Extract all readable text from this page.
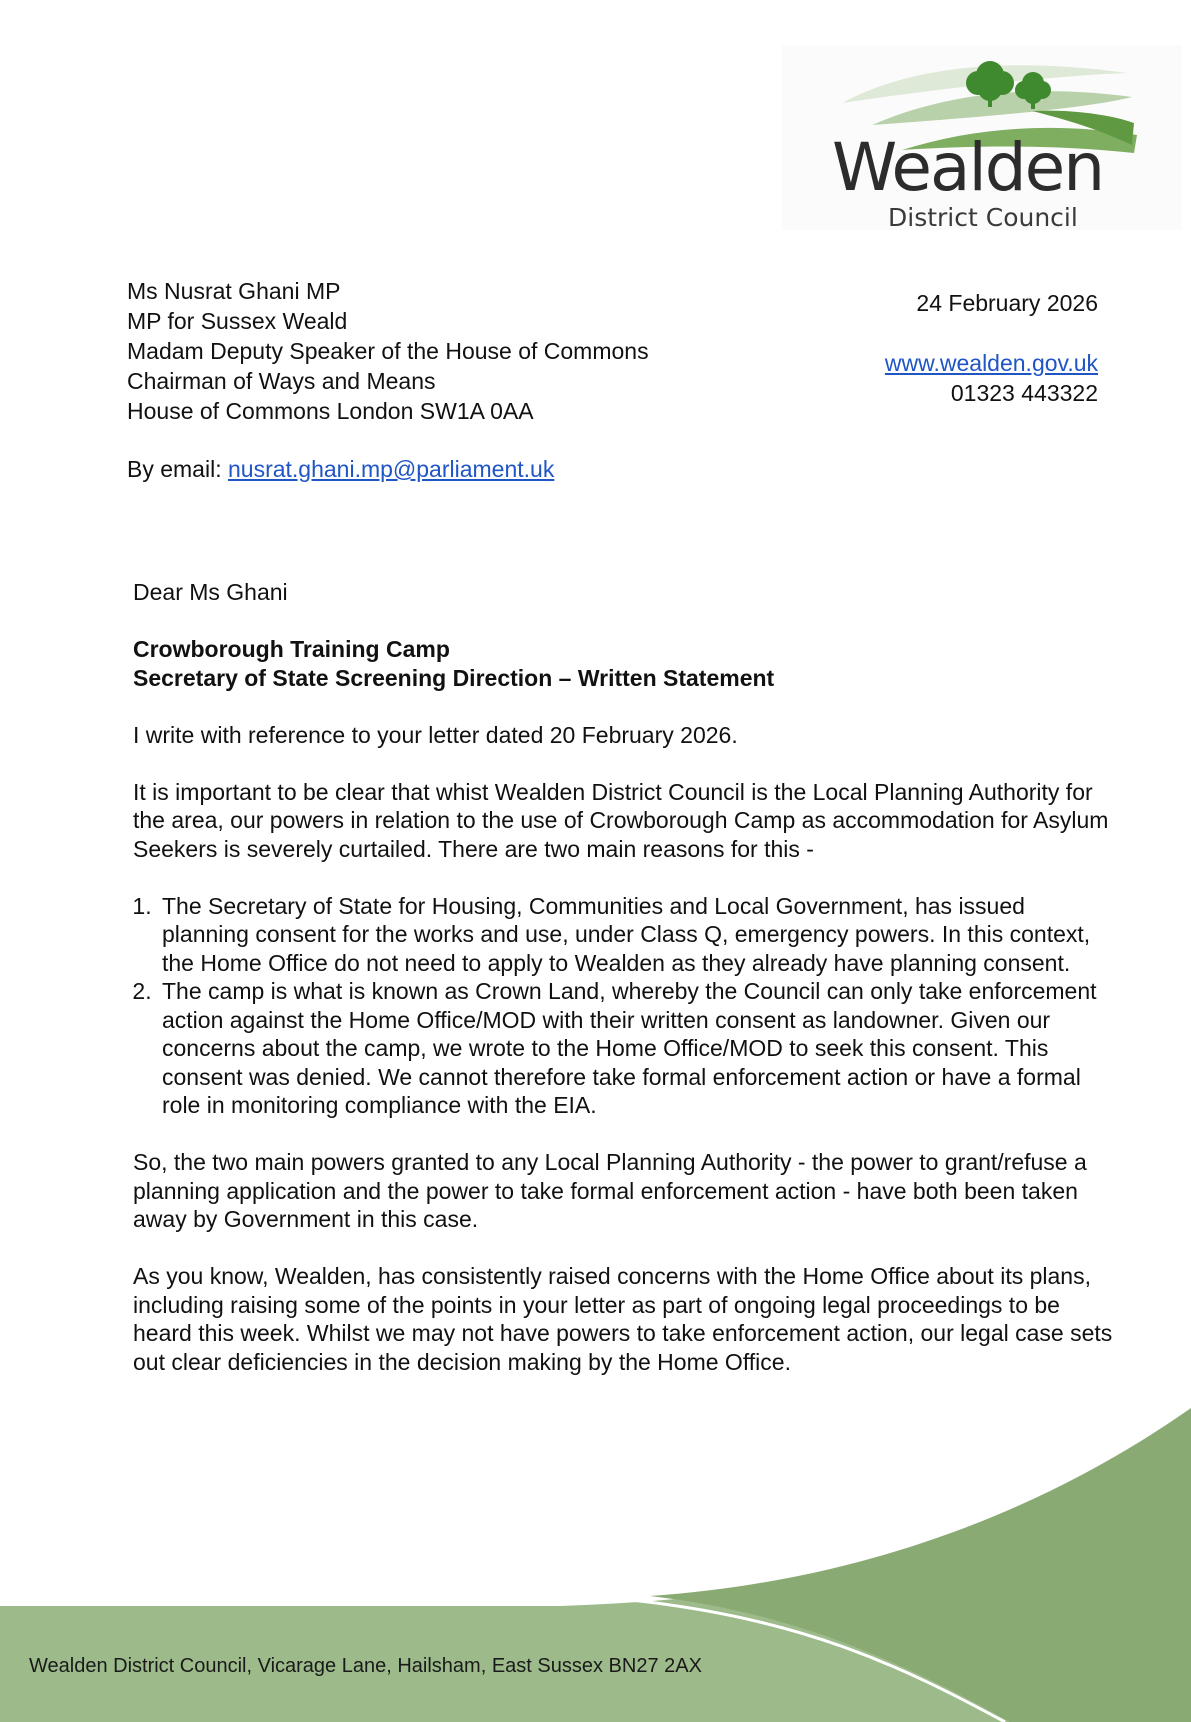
Wealden
District Council
Ms Nusrat Ghani MP
MP for Sussex Weald
Madam Deputy Speaker of the House of Commons
Chairman of Ways and Means
House of Commons London SW1A 0AA
By email: nusrat.ghani.mp@parliament.uk
24 February 2026
www.wealden.gov.uk
01323 443322

Dear Ms Ghani

Crowborough Training Camp
Secretary of State Screening Direction – Written Statement

I write with reference to your letter dated 20 February 2026.

It is important to be clear that whist Wealden District Council is the Local Planning Authority for the area, our powers in relation to the use of Crowborough Camp as accommodation for Asylum Seekers is severely curtailed. There are two main reasons for this -

1. The Secretary of State for Housing, Communities and Local Government, has issued planning consent for the works and use, under Class Q, emergency powers. In this context, the Home Office do not need to apply to Wealden as they already have planning consent.
2. The camp is what is known as Crown Land, whereby the Council can only take enforcement action against the Home Office/MOD with their written consent as landowner. Given our concerns about the camp, we wrote to the Home Office/MOD to seek this consent. This consent was denied. We cannot therefore take formal enforcement action or have a formal role in monitoring compliance with the EIA.

So, the two main powers granted to any Local Planning Authority - the power to grant/refuse a planning application and the power to take formal enforcement action - have both been taken away by Government in this case.

As you know, Wealden, has consistently raised concerns with the Home Office about its plans, including raising some of the points in your letter as part of ongoing legal proceedings to be heard this week. Whilst we may not have powers to take enforcement action, our legal case sets out clear deficiencies in the decision making by the Home Office.

Wealden District Council, Vicarage Lane, Hailsham, East Sussex BN27 2AX
